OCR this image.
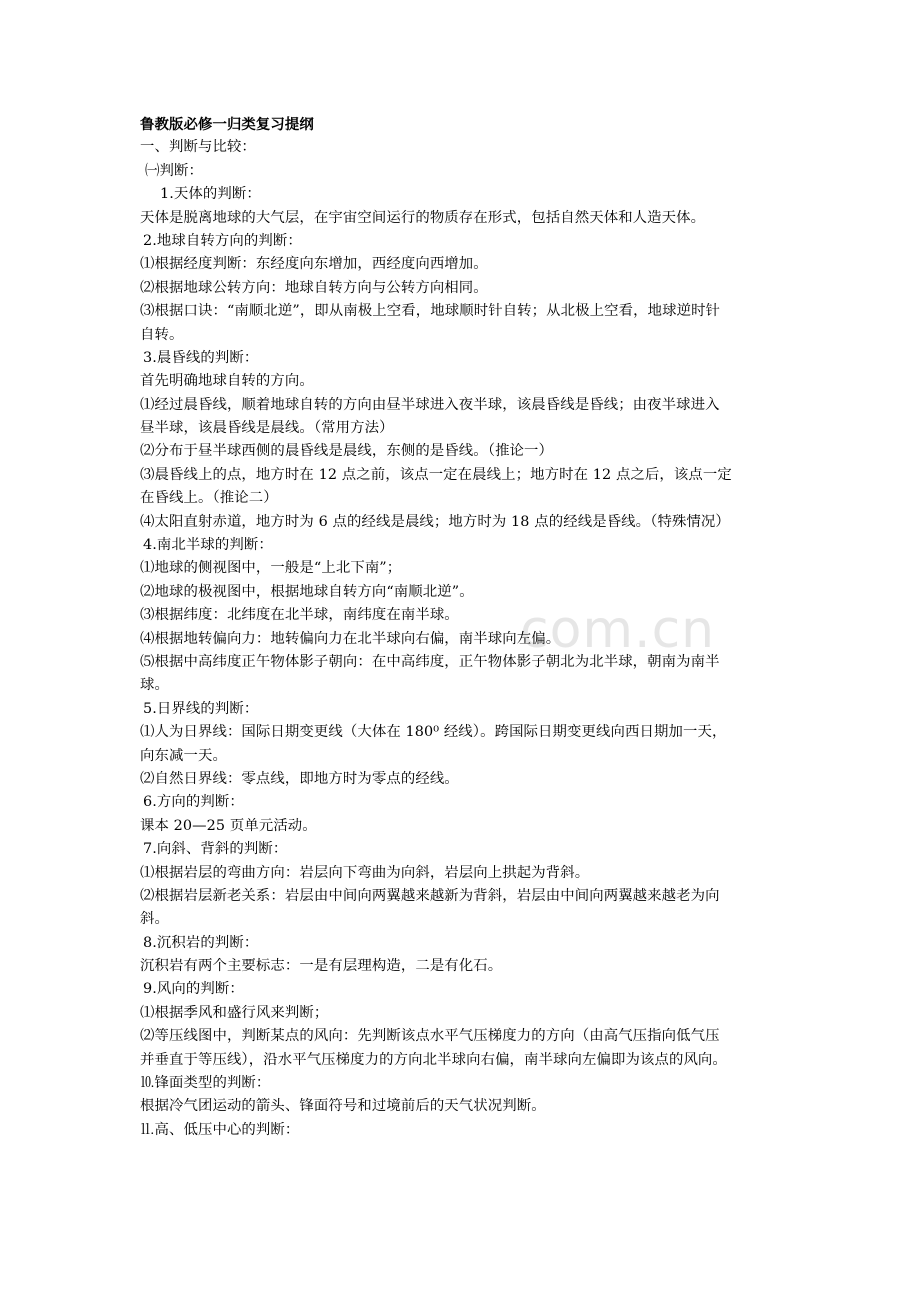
com.cn
鲁教版必修一归类复习提纲
一、判断与比较：
㈠判断：
1.天体的判断：
天体是脱离地球的大气层，在宇宙空间运行的物质存在形式，包括自然天体和人造天体。
2.地球自转方向的判断：
⑴根据经度判断：东经度向东增加，西经度向西增加。
⑵根据地球公转方向：地球自转方向与公转方向相同。
⑶根据口诀：“南顺北逆”，即从南极上空看，地球顺时针自转；从北极上空看，地球逆时针
自转。
3.晨昏线的判断：
首先明确地球自转的方向。
⑴经过晨昏线，顺着地球自转的方向由昼半球进入夜半球，该晨昏线是昏线；由夜半球进入
昼半球，该晨昏线是晨线。（常用方法）
⑵分布于昼半球西侧的晨昏线是晨线，东侧的是昏线。（推论一）
⑶晨昏线上的点，地方时在 12 点之前，该点一定在晨线上；地方时在 12 点之后，该点一定
在昏线上。（推论二）
⑷太阳直射赤道，地方时为 6 点的经线是晨线；地方时为 18 点的经线是昏线。（特殊情况）
4.南北半球的判断：
⑴地球的侧视图中，一般是“上北下南”；
⑵地球的极视图中，根据地球自转方向“南顺北逆”。
⑶根据纬度：北纬度在北半球，南纬度在南半球。
⑷根据地转偏向力：地转偏向力在北半球向右偏，南半球向左偏。
⑸根据中高纬度正午物体影子朝向：在中高纬度，正午物体影子朝北为北半球，朝南为南半
球。
5.日界线的判断：
⑴人为日界线：国际日期变更线（大体在 180⁰ 经线）。跨国际日期变更线向西日期加一天，
向东减一天。
⑵自然日界线：零点线，即地方时为零点的经线。
6.方向的判断：
课本 20—25 页单元活动。
7.向斜、背斜的判断：
⑴根据岩层的弯曲方向：岩层向下弯曲为向斜，岩层向上拱起为背斜。
⑵根据岩层新老关系：岩层由中间向两翼越来越新为背斜，岩层由中间向两翼越来越老为向
斜。
8.沉积岩的判断：
沉积岩有两个主要标志：一是有层理构造，二是有化石。
9.风向的判断：
⑴根据季风和盛行风来判断；
⑵等压线图中，判断某点的风向：先判断该点水平气压梯度力的方向（由高气压指向低气压
并垂直于等压线），沿水平气压梯度力的方向北半球向右偏，南半球向左偏即为该点的风向。
⒑锋面类型的判断：
根据冷气团运动的箭头、锋面符号和过境前后的天气状况判断。
⒒高、低压中心的判断：
